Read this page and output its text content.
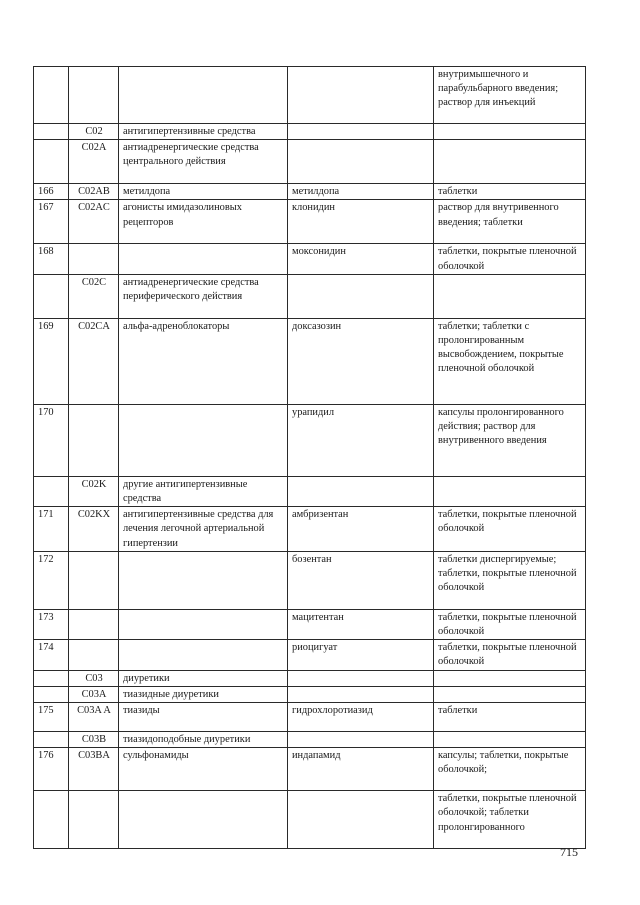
				внутримышечного и парабульбарного введения; раствор для инъекций
	C02	антигипертензивные средства		
	C02A	антиадренергические средства центрального действия		
166	C02AB	метилдопа	метилдопа	таблетки
167	C02AC	агонисты имидазолиновых рецепторов	клонидин	раствор для внутривенного введения; таблетки
168			моксонидин	таблетки, покрытые пленочной оболочкой
	C02C	антиадренергические средства периферического действия		
169	C02CA	альфа-адреноблокаторы	доксазозин	таблетки; таблетки с пролонгированным высвобождением, покрытые пленочной оболочкой
170			урапидил	капсулы пролонгированного действия; раствор для внутривенного введения
	C02K	другие антигипертензивные средства		
171	C02KX	антигипертензивные средства для лечения легочной артериальной гипертензии	амбризентан	таблетки, покрытые пленочной оболочкой
172			бозентан	таблетки диспергируемые; таблетки, покрытые пленочной оболочкой
173			мацитентан	таблетки, покрытые пленочной оболочкой
174			риоцигуат	таблетки, покрытые пленочной оболочкой
	C03	диуретики		
	C03A	тиазидные диуретики		
175	C03A A	тиазиды	гидрохлоротиазид	таблетки
	C03B	тиазидоподобные диуретики		
176	C03BA	сульфонамиды	индапамид	капсулы; таблетки, покрытые оболочкой;
				таблетки, покрытые пленочной оболочкой; таблетки пролонгированного
715
